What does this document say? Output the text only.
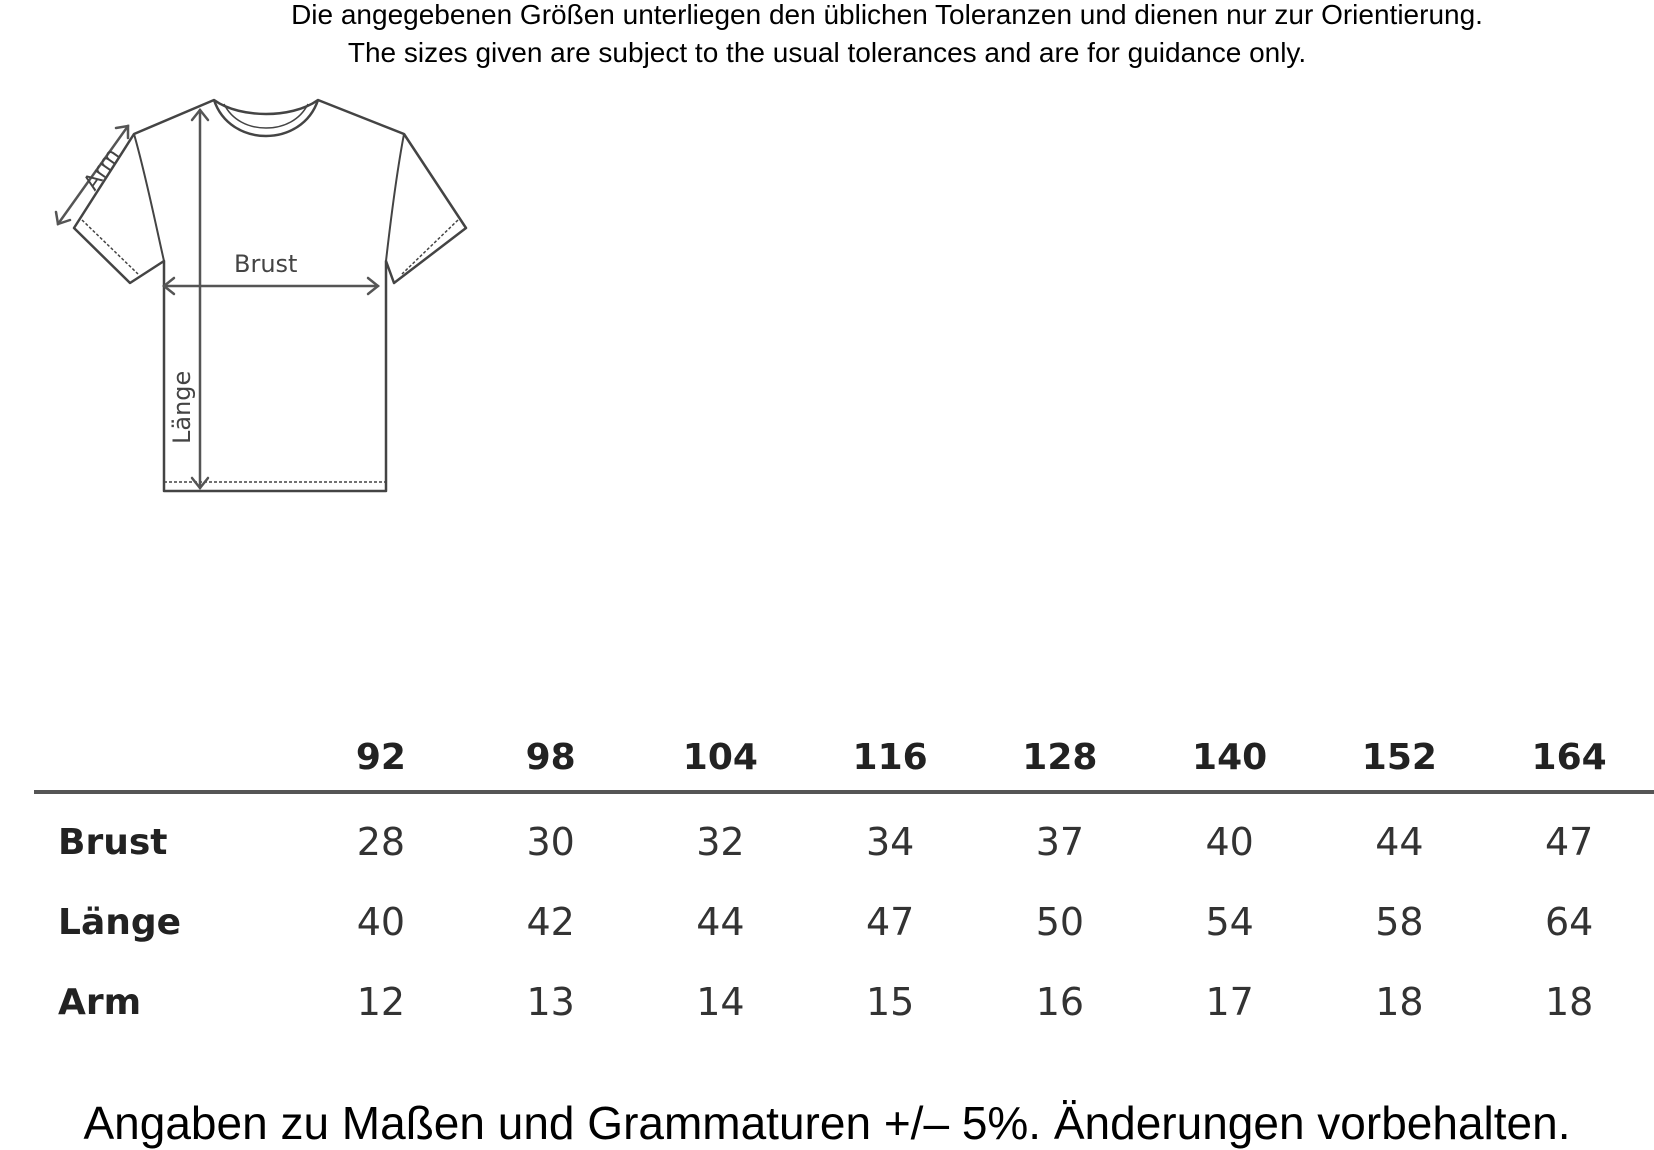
Die angegebenen Größen unterliegen den üblichen Toleranzen und dienen nur zur Orientierung.
The sizes given are subject to the usual tolerances and are for guidance only.
Arm
Brust
Länge
	92	98	104	116	128	140	152	164
Brust	28	30	32	34	37	40	44	47
Länge	40	42	44	47	50	54	58	64
Arm	12	13	14	15	16	17	18	18
Angaben zu Maßen und Grammaturen +/– 5%. Änderungen vorbehalten.
